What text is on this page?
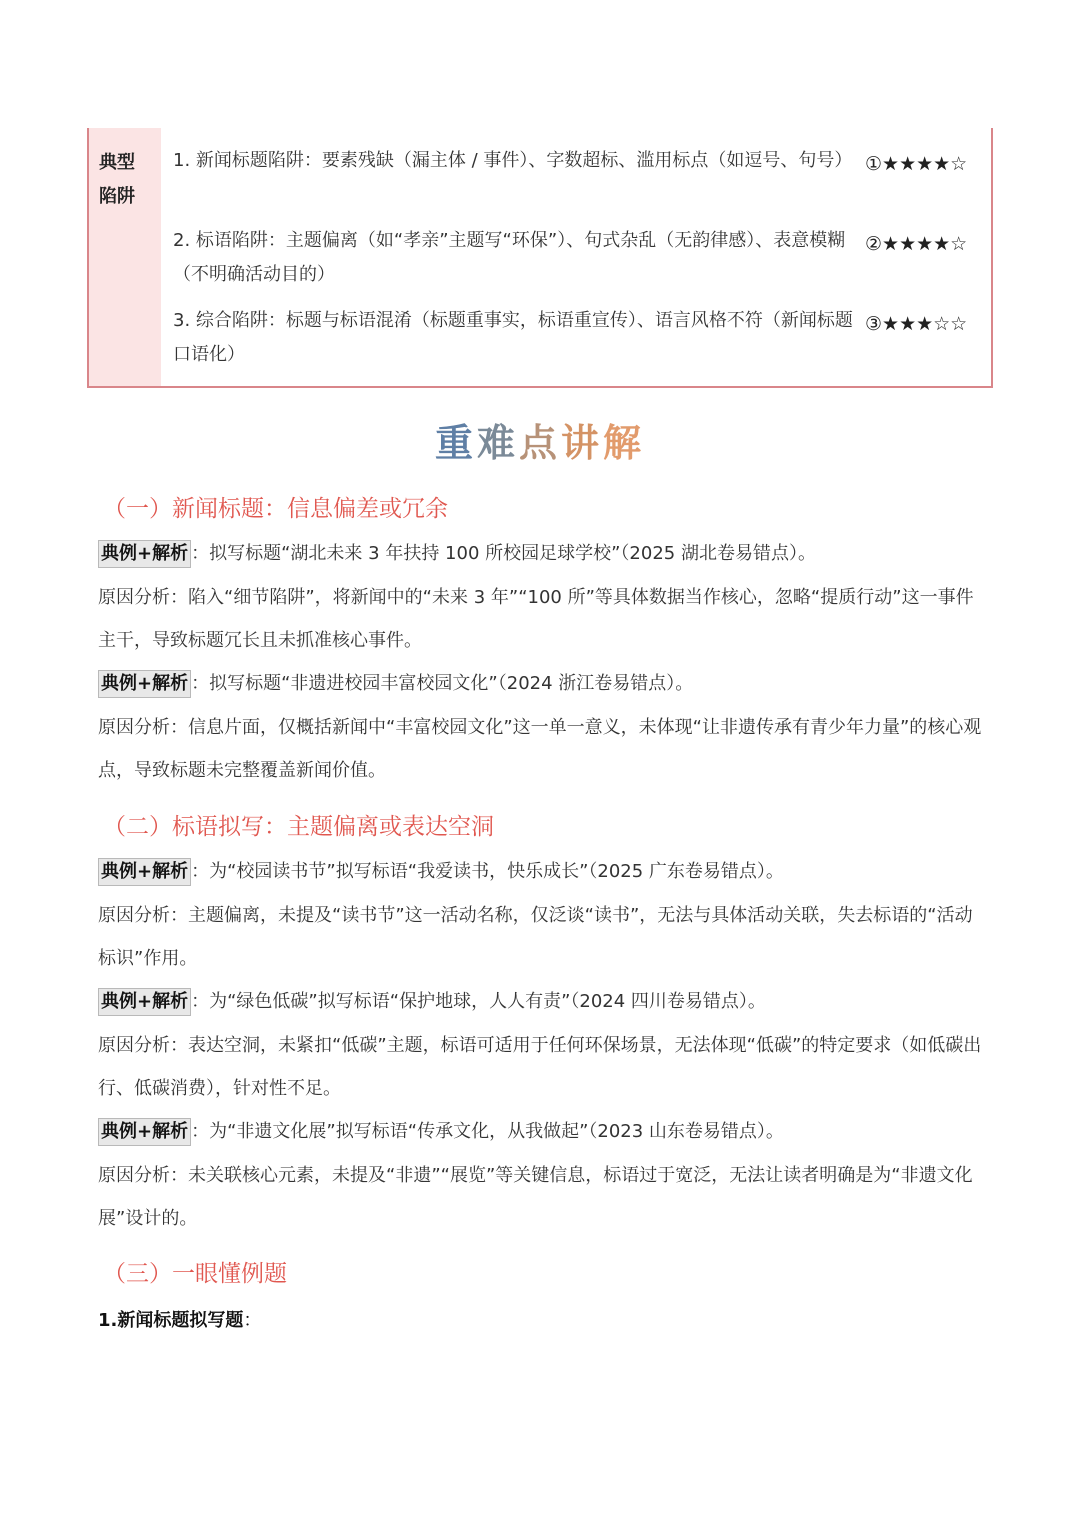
典型
陷阱
1. 新闻标题陷阱：要素残缺（漏主体 / 事件）、字数超标、滥用标点（如逗号、句号） ①★★★★☆
2. 标语陷阱：主题偏离（如“孝亲”主题写“环保”）、句式杂乱（无韵律感）、表意模糊（不明确活动目的）
②★★★★☆
3. 综合陷阱：标题与标语混淆（标题重事实，标语重宣传）、语言风格不符（新闻标题口语化）
③★★★☆☆
重难点讲解
（一）新闻标题：信息偏差或冗余
典例+解析 ：拟写标题“湖北未来 3 年扶持 100 所校园足球学校”（2025 湖北卷易错点）。
原因分析：陷入“细节陷阱”，将新闻中的“未来 3 年”“100 所”等具体数据当作核心，忽略“提质行动”这一事件主干，导致标题冗长且未抓准核心事件。
典例+解析 ：拟写标题“非遗进校园丰富校园文化”（2024 浙江卷易错点）。
原因分析：信息片面，仅概括新闻中“丰富校园文化”这一单一意义，未体现“让非遗传承有青少年力量”的核心观点，导致标题未完整覆盖新闻价值。
（二）标语拟写：主题偏离或表达空洞
典例+解析 ：为“校园读书节”拟写标语“我爱读书，快乐成长”（2025 广东卷易错点）。
原因分析：主题偏离，未提及“读书节”这一活动名称，仅泛谈“读书”，无法与具体活动关联，失去标语的“活动标识”作用。
典例+解析 ：为“绿色低碳”拟写标语“保护地球，人人有责”（2024 四川卷易错点）。
原因分析：表达空洞，未紧扣“低碳”主题，标语可适用于任何环保场景，无法体现“低碳”的特定要求（如低碳出行、低碳消费），针对性不足。
典例+解析 ：为“非遗文化展”拟写标语“传承文化，从我做起”（2023 山东卷易错点）。
原因分析：未关联核心元素，未提及“非遗”“展览”等关键信息，标语过于宽泛，无法让读者明确是为“非遗文化展”设计的。
（三）一眼懂例题
1.新闻标题拟写题：
